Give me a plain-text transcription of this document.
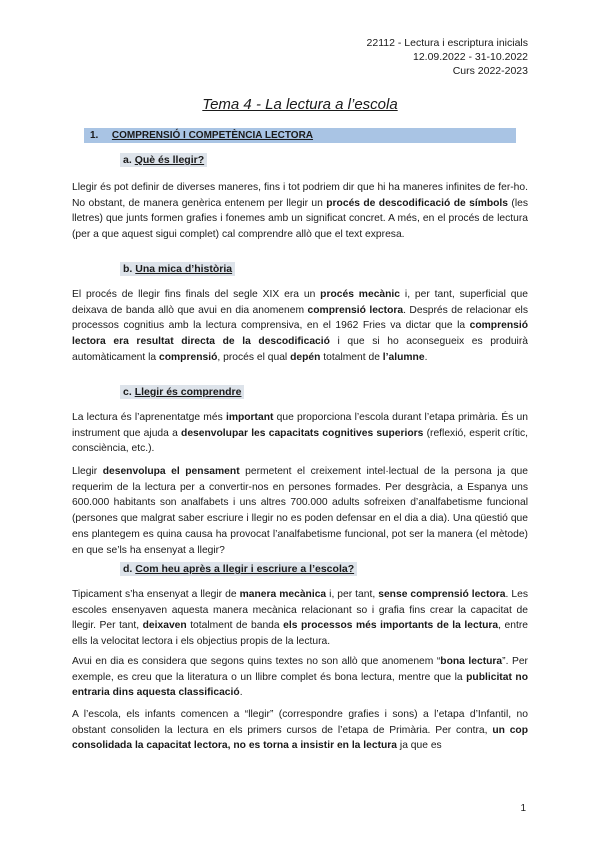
22112 - Lectura i escriptura inicials
12.09.2022 - 31-10.2022
Curs 2022-2023
Tema 4 - La lectura a l’escola
1. COMPRENSIÓ I COMPETÈNCIA LECTORA
a. Què és llegir?
Llegir és pot definir de diverses maneres, fins i tot podriem dir que hi ha maneres infinites de fer-ho. No obstant, de manera genèrica entenem per llegir un procés de descodificació de símbols (les lletres) que junts formen grafies i fonemes amb un significat concret. A més, en el procés de lectura (per a que aquest sigui complet) cal comprendre allò que el text expresa.
b. Una mica d’història
El procés de llegir fins finals del segle XIX era un procés mecànic i, per tant, superficial que deixava de banda allò que avui en dia anomenem comprensió lectora. Després de relacionar els processos cognitius amb la lectura comprensiva, en el 1962 Fries va dictar que la comprensió lectora era resultat directa de la descodificació i que si ho aconsegueix es produirà automàticament la comprensió, procés el qual depén totalment de l’alumne.
c. Llegir és comprendre
La lectura és l’aprenentatge més important que proporciona l’escola durant l’etapa primària. És un instrument que ajuda a desenvolupar les capacitats cognitives superiors (reflexió, esperit crític, consciència, etc.).
Llegir desenvolupa el pensament permetent el creixement intel·lectual de la persona ja que requerim de la lectura per a convertir-nos en persones formades. Per desgràcia, a Espanya uns 600.000 habitants son analfabets i uns altres 700.000 adults sofreixen d’analfabetisme funcional (persones que malgrat saber escriure i llegir no es poden defensar en el dia a dia). Una qüestió que ens plantegem es quina causa ha provocat l’analfabetisme funcional, pot ser la manera (el mètode) en que se’ls ha ensenyat a llegir?
d. Com heu après a llegir i escriure a l’escola?
Tipicament s’ha ensenyat a llegir de manera mecànica i, per tant, sense comprensió lectora. Les escoles ensenyaven aquesta manera mecànica relacionant so i grafia fins crear la capacitat de llegir. Per tant, deixaven totalment de banda els processos més importants de la lectura, entre ells la velocitat lectora i els objectius propis de la lectura.
Avui en dia es considera que segons quins textes no son allò que anomenem “bona lectura”. Per exemple, es creu que la literatura o un llibre complet és bona lectura, mentre que la publicitat no entraria dins aquesta classificació.
A l’escola, els infants comencen a “llegir” (correspondre grafies i sons) a l’etapa d’Infantil, no obstant consoliden la lectura en els primers cursos de l’etapa de Primària. Per contra, un cop consolidada la capacitat lectora, no es torna a insistir en la lectura ja que es
1
